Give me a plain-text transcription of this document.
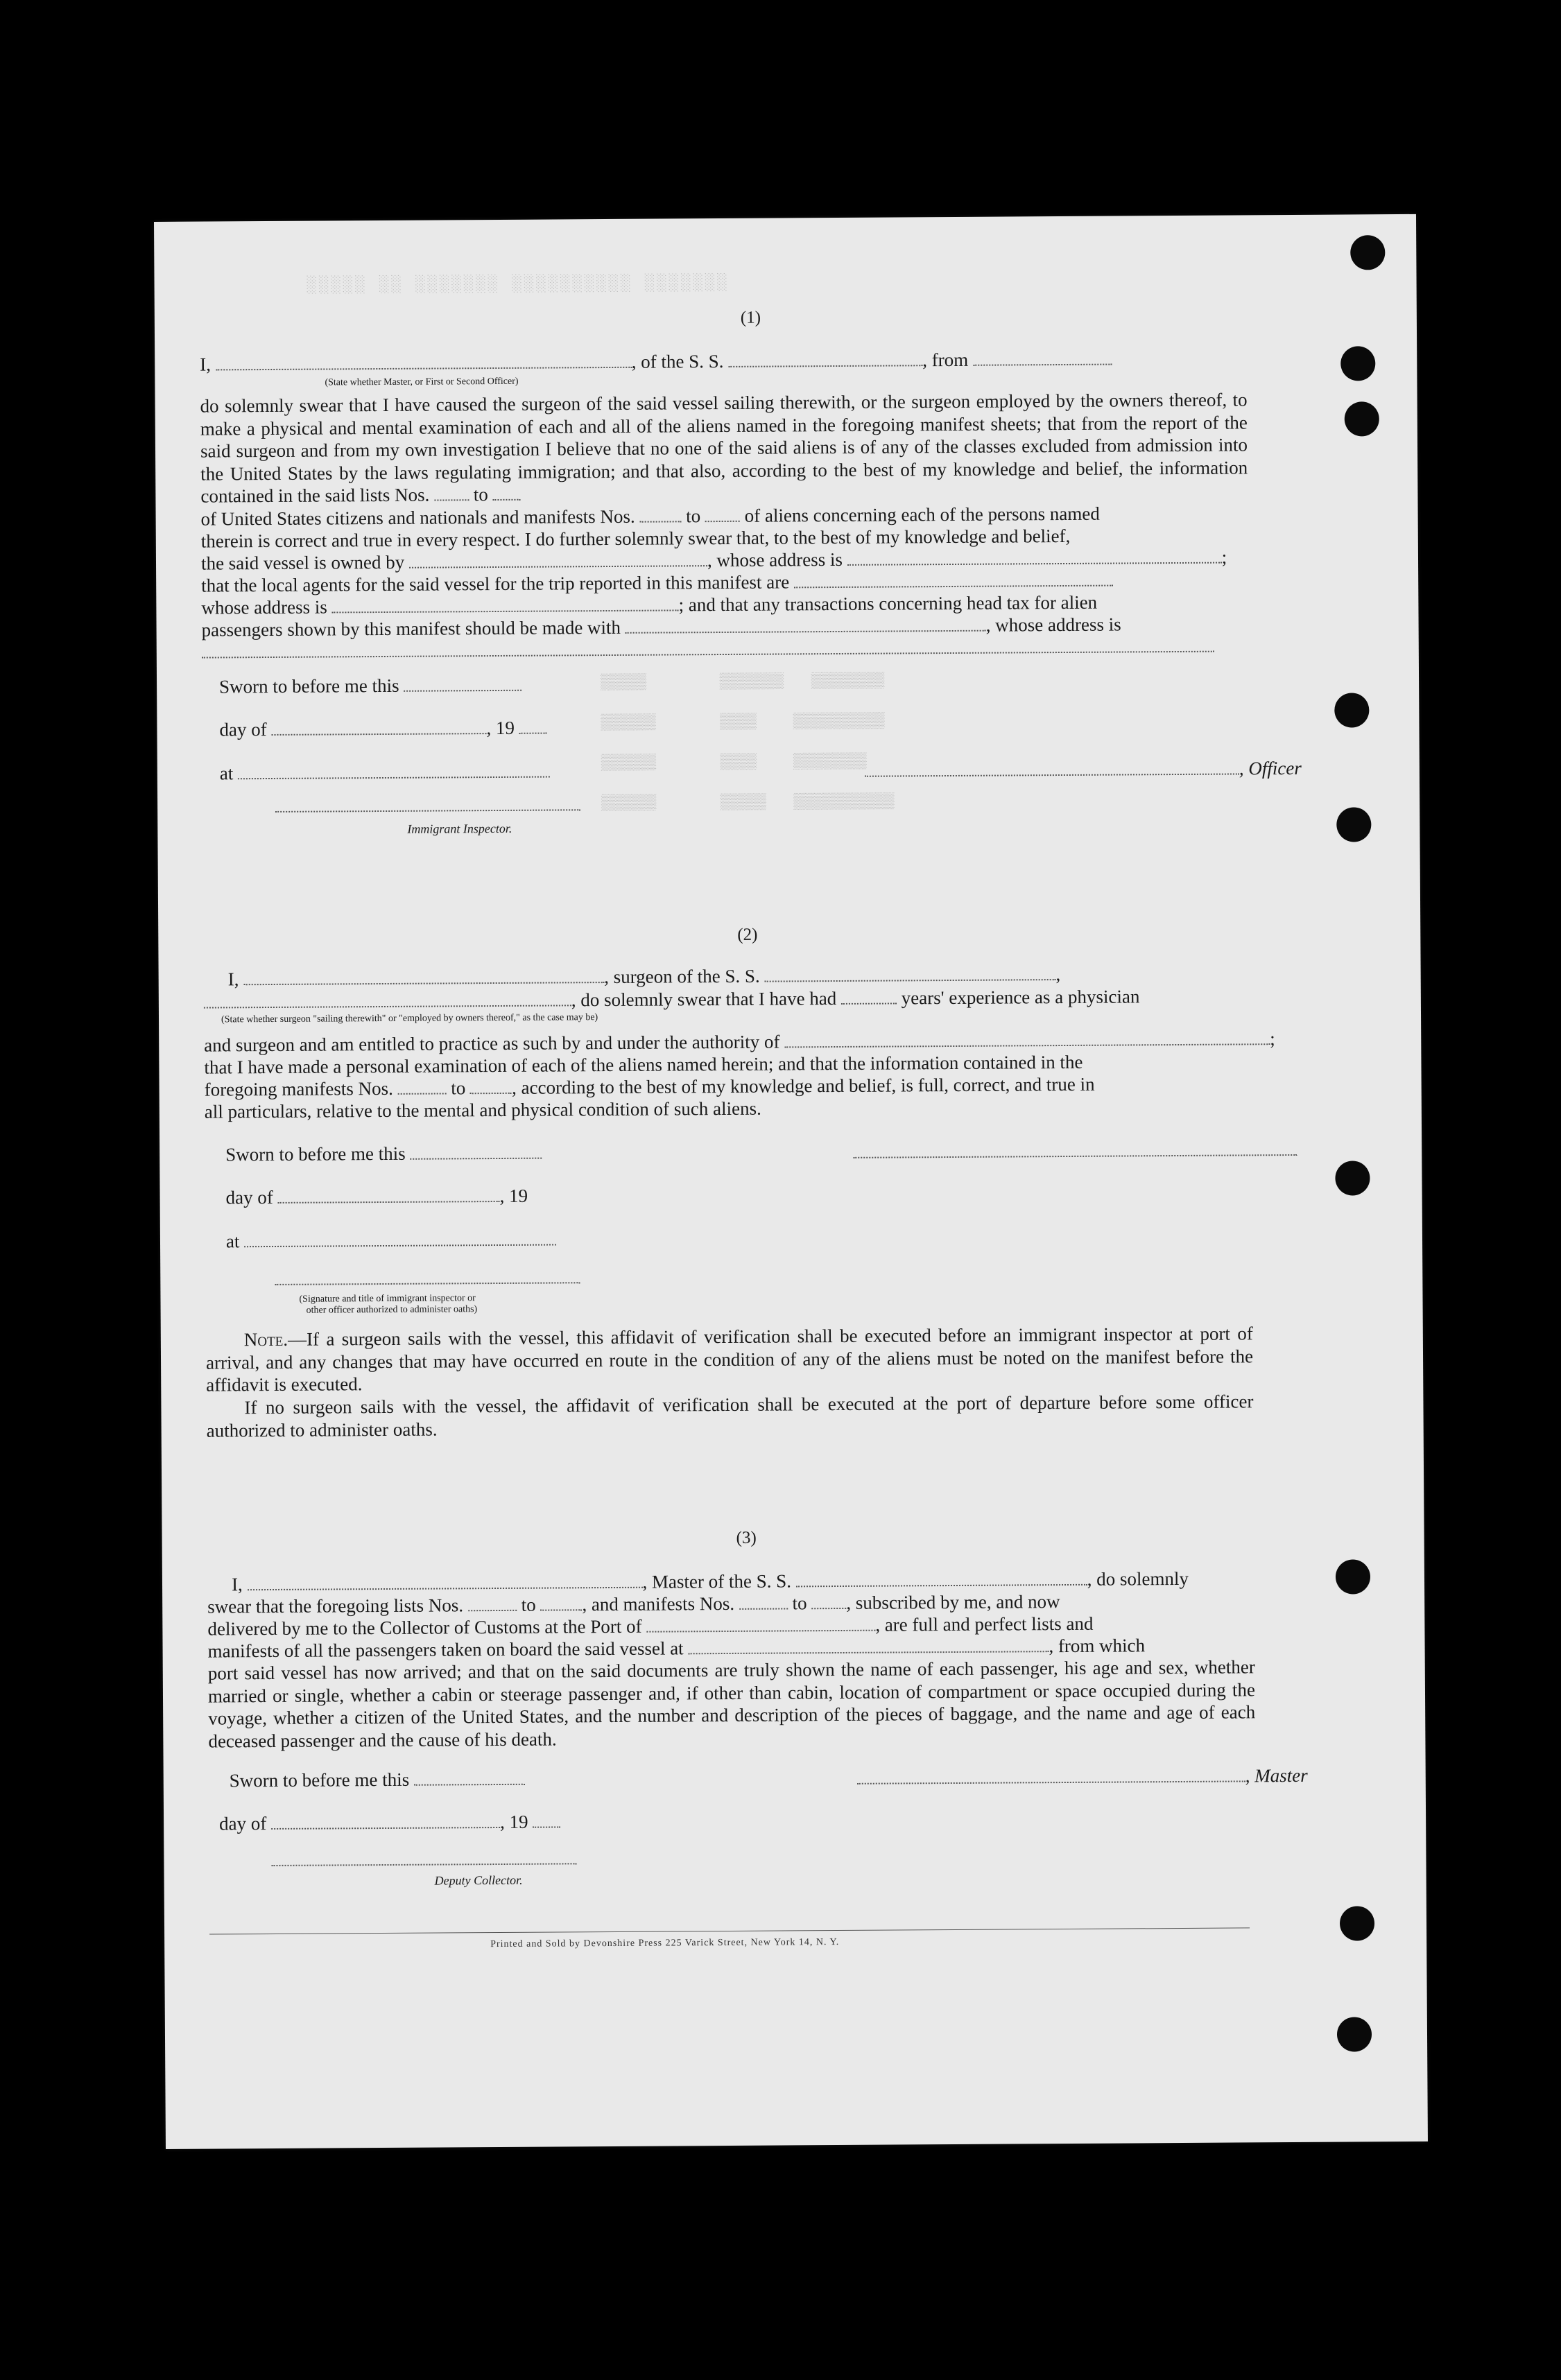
░░░░░ ░░ ░░░░░░░ ░░░░░░░░░░ ░░░░░░░
▒▒▒▒▒        ▒▒▒▒▒▒▒   ▒▒▒▒▒▒▒▒
▒▒▒▒▒▒       ▒▒▒▒    ▒▒▒▒▒▒▒▒▒▒
▒▒▒▒▒▒       ▒▒▒▒    ▒▒▒▒▒▒▒▒
▒▒▒▒▒▒       ▒▒▒▒▒   ▒▒▒▒▒▒▒▒▒▒▒
(1)
I,	, of the S. S.	, from
(State whether Master, or First or Second Officer)
do solemnly swear that I have caused the surgeon of the said vessel sailing therewith, or the surgeon employed by the owners thereof, to make a physical and mental examination of each and all of the aliens named in the foregoing manifest sheets; that from the report of the said surgeon and from my own investigation I believe that no one of the said aliens is of any of the classes excluded from admission into the United States by the laws regulating immigration; and that also, according to the best of my knowledge and belief, the information contained in the said lists Nos. to
of United States citizens and nationals and manifests Nos.	to of aliens concerning each of the persons named
therein is correct and true in every respect. I do further solemnly swear that, to the best of my knowledge and belief,
the said vessel is owned by	, whose address is	;
that the local agents for the said vessel for the trip reported in this manifest are
whose address is	; and that any transactions concerning head tax for alien
passengers shown by this manifest should be made with	, whose address is
Sworn to before me this
day of	, 19
at	, Officer
Immigrant Inspector.
(2)
I,	, surgeon of the S. S.	,
, do solemnly swear that I have had	years' experience as a physician
(State whether surgeon "sailing therewith" or "employed by owners thereof," as the case may be)
and surgeon and am entitled to practice as such by and under the authority of	;
that I have made a personal examination of each of the aliens named herein; and that the information contained in the
foregoing manifests Nos.	to , according to the best of my knowledge and belief, is full, correct, and true in
all particulars, relative to the mental and physical condition of such aliens.
Sworn to before me this
day of	, 19
at
(Signature and title of immigrant inspector or
other officer authorized to administer oaths)
Note.—If a surgeon sails with the vessel, this affidavit of verification shall be executed before an immigrant inspector at port of arrival, and any changes that may have occurred en route in the condition of any of the aliens must be noted on the manifest before the affidavit is executed.
If no surgeon sails with the vessel, the affidavit of verification shall be executed at the port of departure before some officer authorized to administer oaths.
(3)
I,	, Master of the S. S.	, do solemnly
swear that the foregoing lists Nos.	to , and manifests Nos.	to , subscribed by me, and now
delivered by me to the Collector of Customs at the Port of	, are full and perfect lists and
manifests of all the passengers taken on board the said vessel at	, from which
port said vessel has now arrived; and that on the said documents are truly shown the name of each passenger, his age and sex, whether married or single, whether a cabin or steerage passenger and, if other than cabin, location of compartment or space occupied during the voyage, whether a citizen of the United States, and the number and description of the pieces of baggage, and the name and age of each deceased passenger and the cause of his death.
Sworn to before me this	, Master
day of	, 19
Deputy Collector.
Printed and Sold by Devonshire Press 225 Varick Street, New York 14, N. Y.
